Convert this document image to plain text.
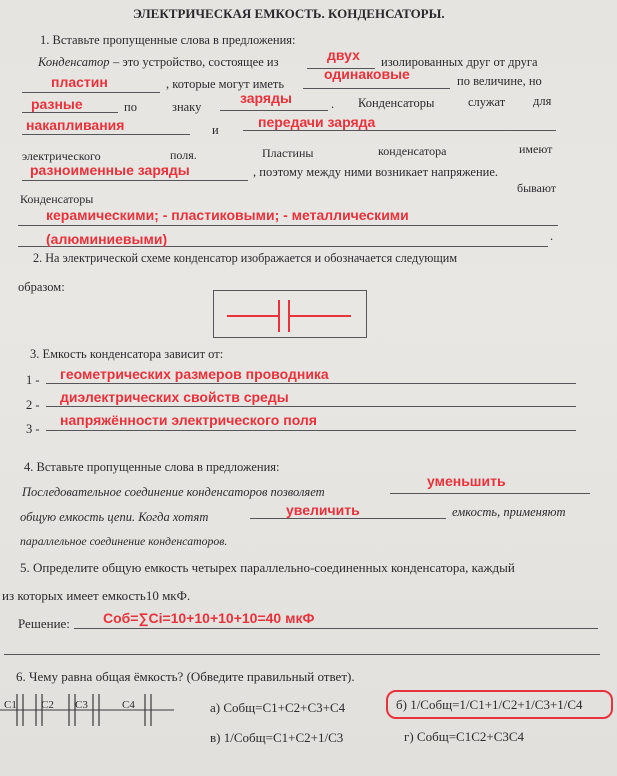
ЭЛЕКТРИЧЕСКАЯ ЕМКОСТЬ. КОНДЕНСАТОРЫ.
1. Вставьте пропущенные слова в предложения:
Конденсатор – это устройство, состоящее из	двух изолированных друг от друга
пластин	, которые могут иметь
одинаковые	по величине, но
разные	по	знаку
заряды	. Конденсаторы	служат для
накапливания	и	передачи заряда
электрического	поля.	Пластины	конденсатора	имеют
разноименные заряды	, поэтому между ними возникает напряжение.
бывают
Конденсаторы
керамическими; - пластиковыми; - металлическими
(алюминиевыми)	.
2. На электрической схеме конденсатор изображается и обозначается следующим
образом:
3. Емкость конденсатора зависит от:
1 - геометрических размеров проводника
2 - диэлектрических свойств среды
3 -
напряжённости электрического поля
4. Вставьте пропущенные слова в предложения:
Последовательное соединение конденсаторов позволяет
уменьшить
общую емкость цепи. Когда хотят	увеличить	емкость, применяют
параллельное соединение конденсаторов.
5. Определите общую емкость четырех параллельно-соединенных конденсатора, каждый
из которых имеет емкость10 мкФ.
Решение: Cоб=∑Ci=10+10+10+10=40 мкФ
6. Чему равна общая ёмкость? (Обведите правильный ответ).
C1 C2 C3	C4	а) Cобщ=C1+C2+C3+C4	б) 1/Cобщ=1/C1+1/C2+1/C3+1/C4
в) 1/Cобщ=C1+C2+1/C3	г) Cобщ=C1C2+C3C4
